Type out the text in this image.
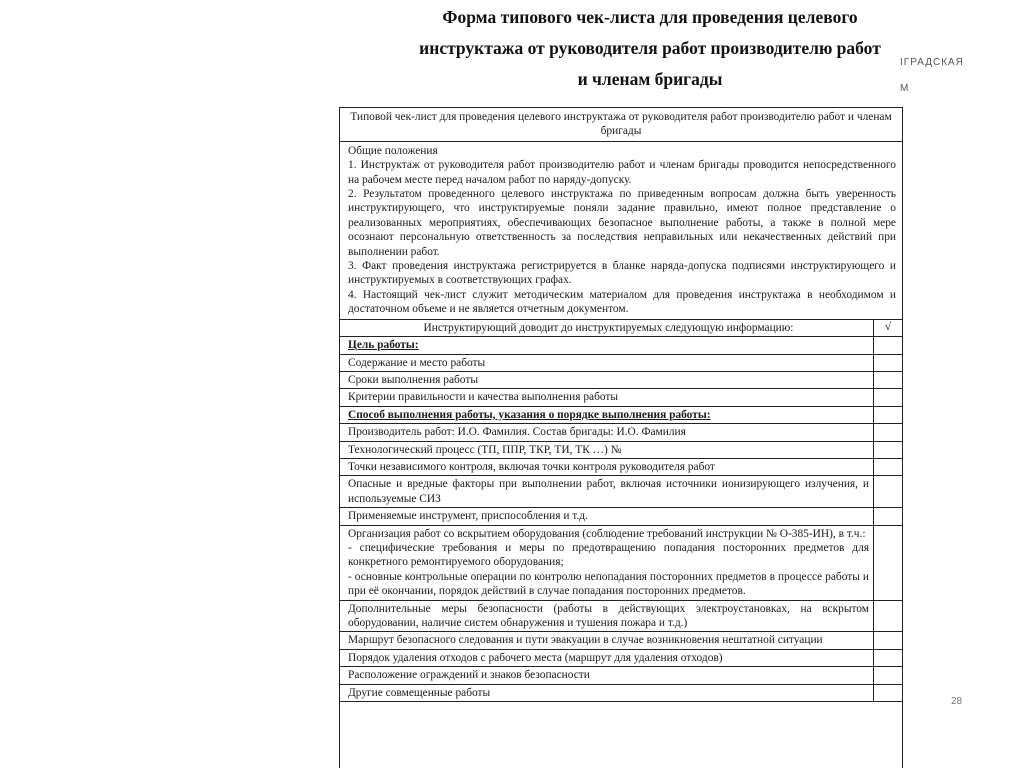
Форма типового чек-листа для проведения целевого
инструктажа от руководителя работ производителю работ
и членам бригады
ІГРАДСКАЯ
М
28
Типовой чек-лист для проведения целевого инструктажа от руководителя работ производителю работ и членам бригады

Общие положения

1. Инструктаж от руководителя работ производителю работ и членам бригады проводится непосредственного на рабочем месте перед началом работ по наряду-допуску.

2. Результатом проведенного целевого инструктажа по приведенным вопросам должна быть уверенность инструктирующего, что инструктируемые поняли задание правильно, имеют полное представление о реализованных мероприятиях, обеспечивающих безопасное выполнение работы, а также в полной мере осознают персональную ответственность за последствия неправильных или некачественных действий при выполнении работ.

3. Факт проведения инструктажа регистрируется в бланке наряда-допуска подписями инструктирующего и инструктируемых в соответствующих графах.

4. Настоящий чек-лист служит методическим материалом для проведения инструктажа в необходимом и достаточном объеме и не является отчетным документом.

Инструктирующий доводит до инструктируемых следующую информацию:	√
Цель работы:
Содержание и место работы
Сроки выполнения работы
Критерии правильности и качества выполнения работы
Способ выполнения работы, указания о порядке выполнения работы:
Производитель работ: И.О. Фамилия. Состав бригады: И.О. Фамилия
Технологический процесс (ТП, ППР, ТКР, ТИ, ТК …) №
Точки независимого контроля, включая точки контроля руководителя работ
Опасные и вредные факторы при выполнении работ, включая источники ионизирующего излучения, и используемые СИЗ
Применяемые инструмент, приспособления и т.д.
Организация работ со вскрытием оборудования (соблюдение требований инструкции № О-385-ИН), в т.ч.:
- специфические требования и меры по предотвращению попадания посторонних предметов для конкретного ремонтируемого оборудования;
- основные контрольные операции по контролю непопадания посторонних предметов в процессе работы и при её окончании, порядок действий в случае попадания посторонних предметов.
Дополнительные меры безопасности (работы в действующих электроустановках, на вскрытом оборудовании, наличие систем обнаружения и тушения пожара и т.д.)
Маршрут безопасного следования и пути эвакуации в случае возникновения нештатной ситуации
Порядок удаления отходов с рабочего места (маршрут для удаления отходов)
Расположение ограждений и знаков безопасности
Другие совмещенные работы
